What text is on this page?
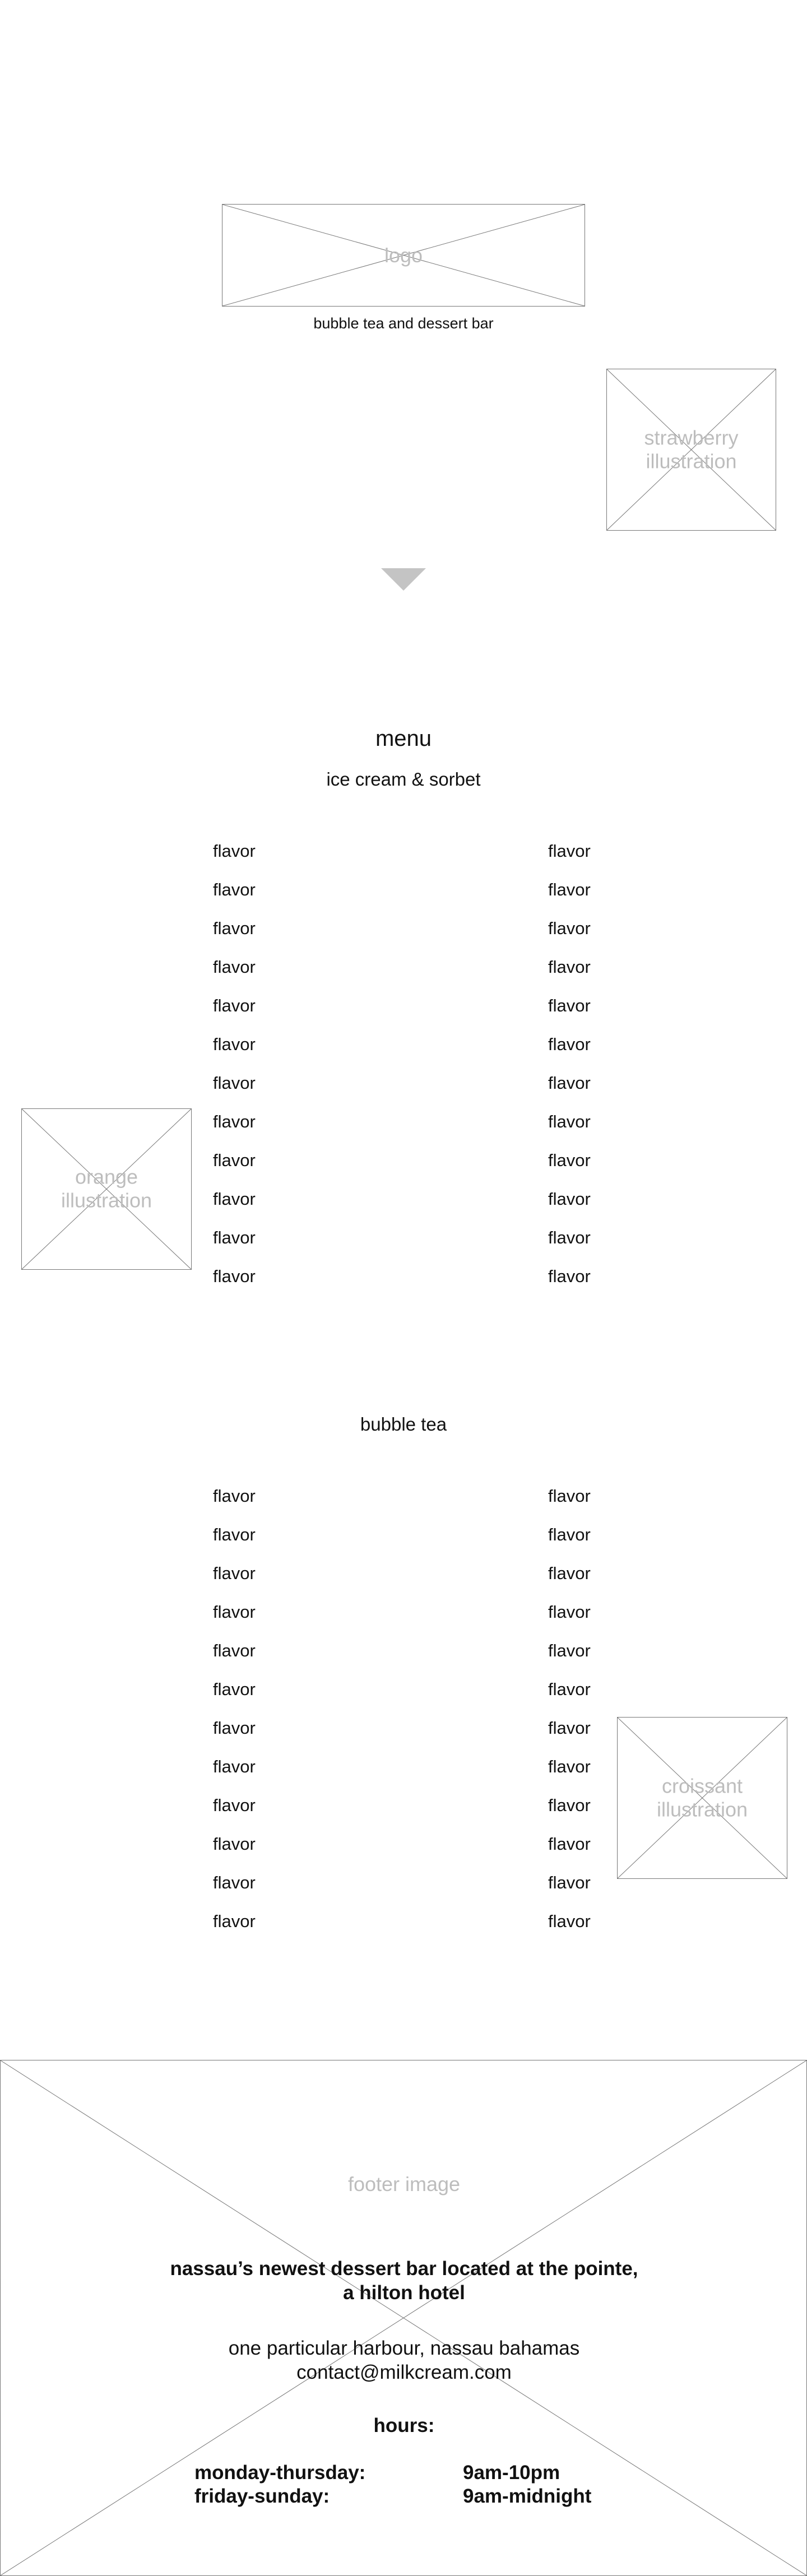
logo
bubble tea and dessert bar
strawberry
illustration
menu
ice cream & sorbet
flavor
flavor
flavor
flavor
flavor
flavor
flavor
flavor
flavor
flavor
flavor
flavor
flavor
flavor
flavor
flavor
flavor
flavor
flavor
flavor
flavor
flavor
flavor
flavor
orange
illustration
bubble tea
flavor
flavor
flavor
flavor
flavor
flavor
flavor
flavor
flavor
flavor
flavor
flavor
flavor
flavor
flavor
flavor
flavor
flavor
flavor
flavor
flavor
flavor
flavor
flavor
croissant
illustration
footer image
nassau’s newest dessert bar located at the pointe,
a hilton hotel
one particular harbour, nassau bahamas
contact@milkcream.com
hours:
monday-thursday:	9am-10pm
friday-sunday:	9am-midnight
